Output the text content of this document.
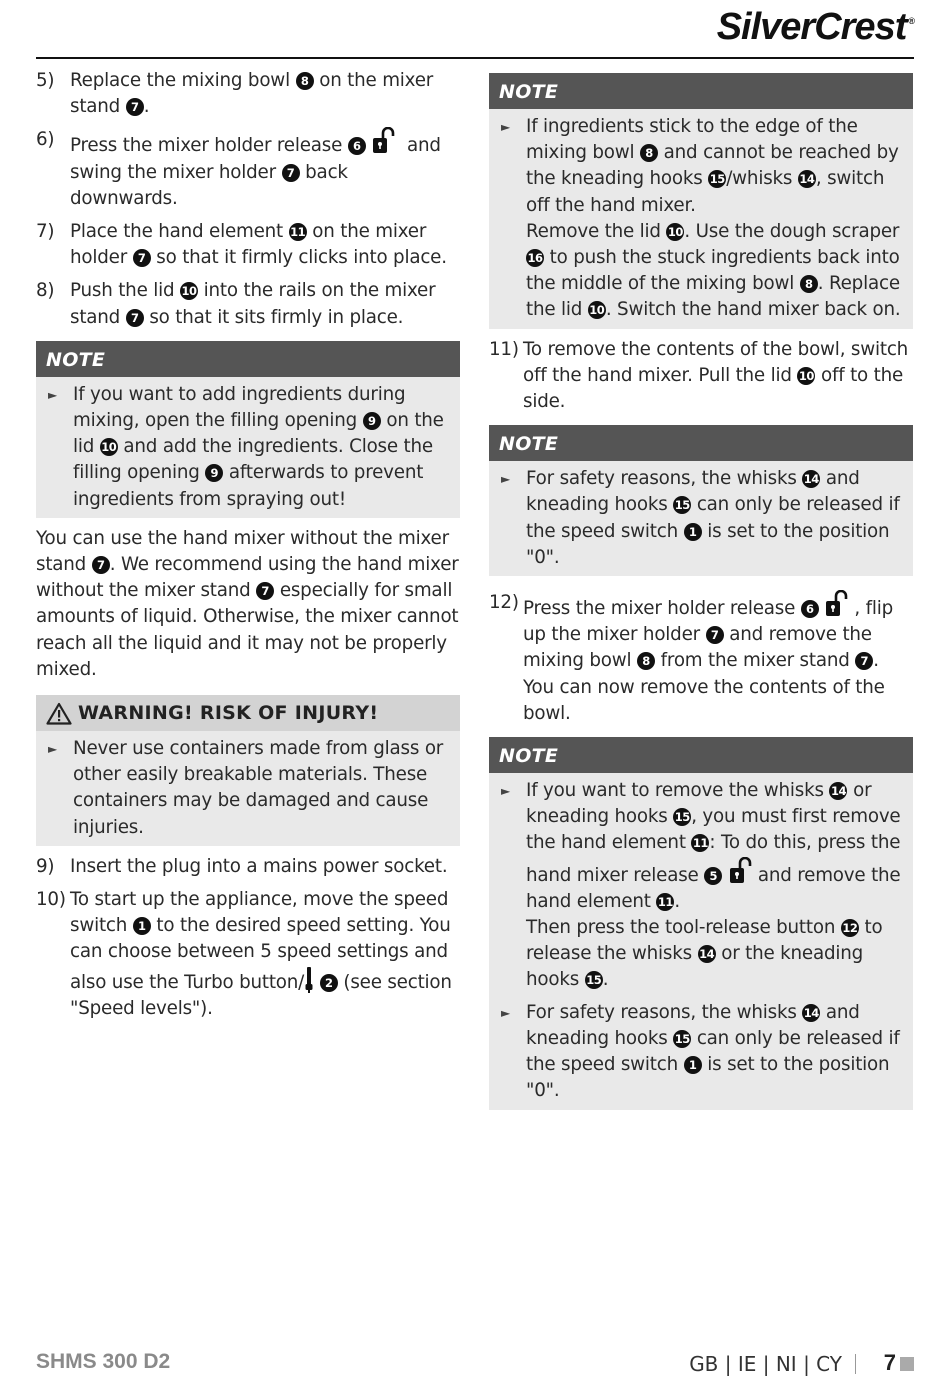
SilverCrest ®
5) Replace the mixing bowl 8 on the mixer stand 7 .
6) Press the mixer holder release 6	and swing the mixer holder 7 back downwards.
7) Place the hand element 11 on the mixer holder 7 so that it firmly clicks into place.
8) Push the lid 10 into the rails on the mixer stand 7 so that it sits firmly in place.
NOTE
► If you want to add ingredients during mixing, open the filling opening 9 on the lid 10 and add the ingredients. Close the filling opening 9 afterwards to prevent ingredients from spraying out!
You can use the hand mixer without the mixer stand 7 . We recommend using the hand mixer without the mixer stand 7 especially for small amounts of liquid. Otherwise, the mixer cannot reach all the liquid and it may not be properly mixed.
WARNING! RISK OF INJURY!
► Never use containers made from glass or other easily breakable materials. These containers may be damaged and cause injuries.
9) Insert the plug into a mains power socket.
10) To start up the appliance, move the speed switch 1 to the desired speed setting. You can choose between 5 speed settings and also use the Turbo button/ 2 (see section "Speed levels").
NOTE
► If ingredients stick to the edge of the mixing bowl 8 and cannot be reached by the kneading hooks 15/whisks 14, switch off the hand mixer.
Remove the lid 10. Use the dough scraper 16 to push the stuck ingredients back into the middle of the mixing bowl 8 . Replace the lid 10. Switch the hand mixer back on.
11) To remove the contents of the bowl, switch off the hand mixer. Pull the lid 10 off to the side.
NOTE
► For safety reasons, the whisks 14 and kneading hooks 15 can only be released if the speed switch 1 is set to the position "0".
12) Press the mixer holder release 6 , flip up the mixer holder 7 and remove the mixing bowl 8 from the mixer stand 7 . You can now remove the contents of the bowl.
NOTE
► If you want to remove the whisks 14 or kneading hooks 15, you must first remove the hand element 11: To do this, press the hand mixer release 5 and remove the hand element 11.
Then press the tool-release button 12 to release the whisks 14 or the kneading hooks 15.
► For safety reasons, the whisks 14 and kneading hooks 15 can only be released if the speed switch 1 is set to the position "0".
SHMS 300 D2	GB | IE | NI | CY 7
